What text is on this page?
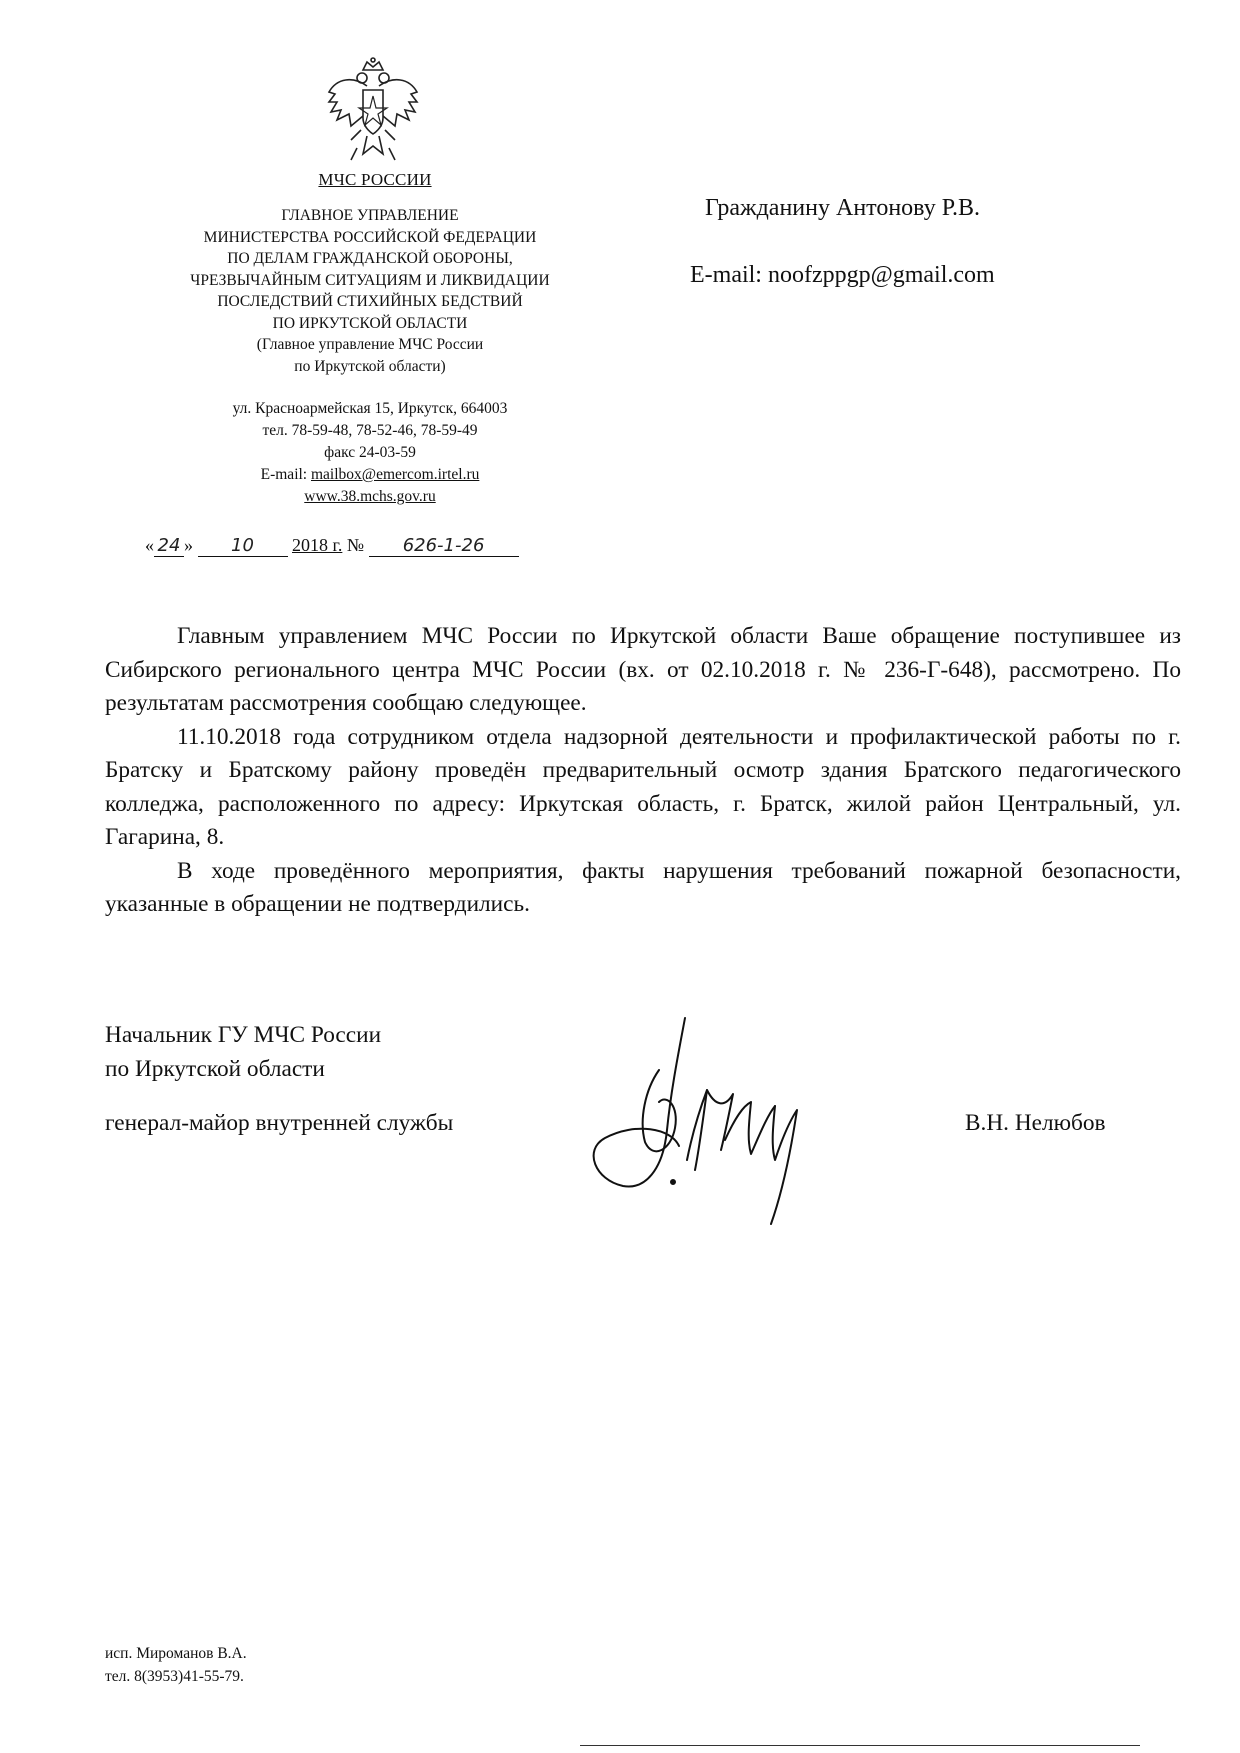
МЧС РОССИИ
ГЛАВНОЕ УПРАВЛЕНИЕ
МИНИСТЕРСТВА РОССИЙСКОЙ ФЕДЕРАЦИИ
ПО ДЕЛАМ ГРАЖДАНСКОЙ ОБОРОНЫ,
ЧРЕЗВЫЧАЙНЫМ СИТУАЦИЯМ И ЛИКВИДАЦИИ
ПОСЛЕДСТВИЙ СТИХИЙНЫХ БЕДСТВИЙ
ПО ИРКУТСКОЙ ОБЛАСТИ
(Главное управление МЧС России
по Иркутской области)
ул. Красноармейская 15, Иркутск, 664003
тел. 78-59-48, 78-52-46, 78-59-49
факс 24-03-59
E-mail: mailbox@emercom.irtel.ru
www.38.mchs.gov.ru
« 24 » 10 2018 г. № 626-1-26
Гражданину Антонову Р.В.
E-mail: noofzppgp@gmail.com

Главным управлением МЧС России по Иркутской области Ваше обращение поступившее из Сибирского регионального центра МЧС России (вх. от 02.10.2018 г. № 236-Г-648), рассмотрено. По результатам рассмотрения сообщаю следующее.

11.10.2018 года сотрудником отдела надзорной деятельности и профилактической работы по г. Братску и Братскому району проведён предварительный осмотр здания Братского педагогического колледжа, расположенного по адресу: Иркутская область, г. Братск, жилой район Центральный, ул. Гагарина, 8.

В ходе проведённого мероприятия, факты нарушения требований пожарной безопасности, указанные в обращении не подтвердились.

Начальник ГУ МЧС России
по Иркутской области
генерал-майор внутренней службы	В.Н. Нелюбов
исп. Мироманов В.А.
тел. 8(3953)41-55-79.
